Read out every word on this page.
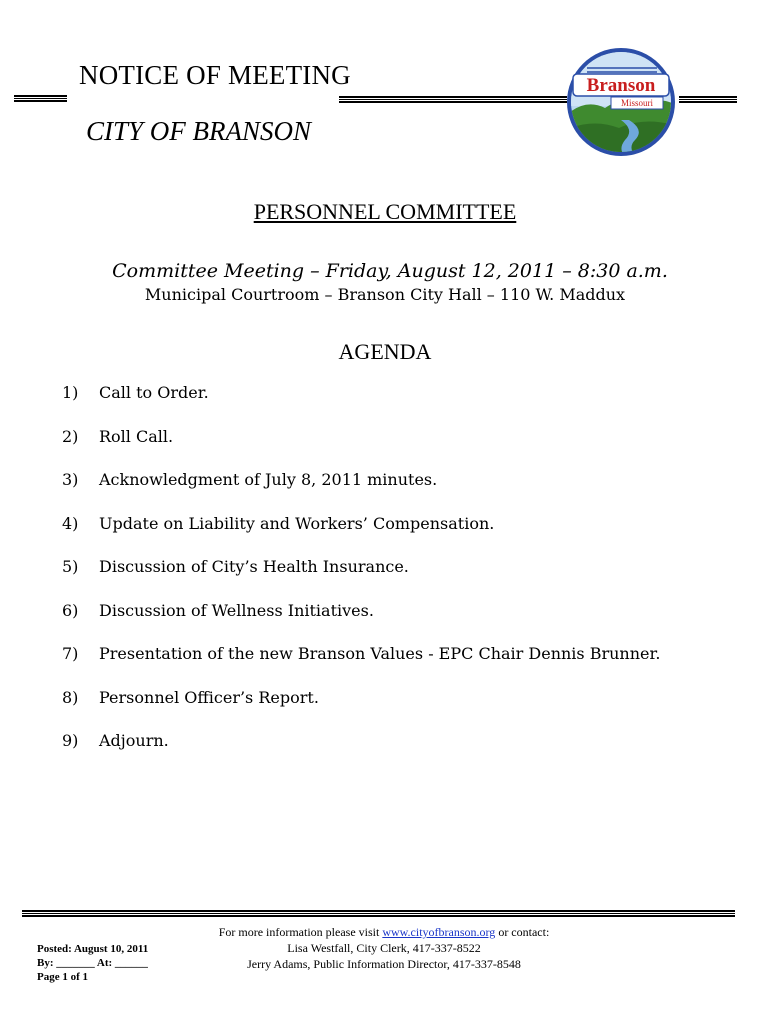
NOTICE OF MEETING
CITY OF BRANSON
Branson
Missouri
PERSONNEL COMMITTEE
Committee Meeting – Friday, August 12, 2011 – 8:30 a.m.
Municipal Courtroom – Branson City Hall – 110 W. Maddux
AGENDA
1)	Call to Order.
2)	Roll Call.
3)	Acknowledgment of July 8, 2011 minutes.
4)	Update on Liability and Workers’ Compensation.
5)	Discussion of City’s Health Insurance.
6)	Discussion of Wellness Initiatives.
7)	Presentation of the new Branson Values - EPC Chair Dennis Brunner.
8)	Personnel Officer’s Report.
9)	Adjourn.
Posted: August 10, 2011
By: _______ At: ______
Page 1 of 1
For more information please visit www.cityofbranson.org or contact:
Lisa Westfall, City Clerk, 417-337-8522
Jerry Adams, Public Information Director, 417-337-8548
